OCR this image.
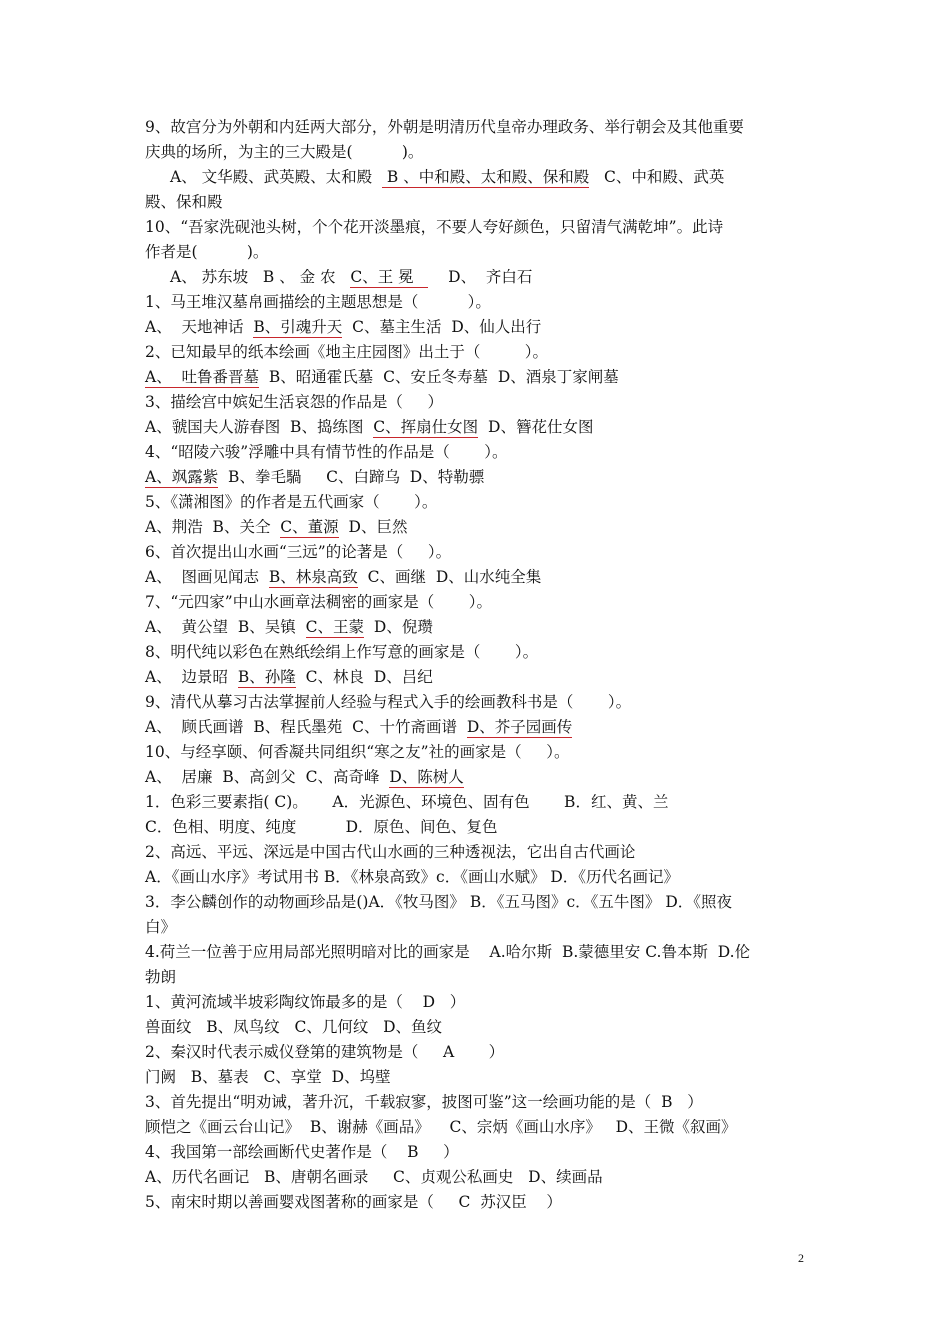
9、故宫分为外朝和内廷两大部分，外朝是明清历代皇帝办理政务、举行朝会及其他重要
庆典的场所，为主的三大殿是(          )。
A、 文华殿、武英殿、太和殿   B 、中和殿、太和殿、保和殿   C、中和殿、武英
殿、保和殿
10、“吾家洗砚池头树，个个花开淡墨痕，不要人夸好颜色，只留清气满乾坤”。此诗
作者是(          )。
A、 苏东坡   B 、 金 农   C、王 冕       D、  齐白石
1、马王堆汉墓帛画描绘的主题思想是（          ）。
A、  天地神话  B、引魂升天  C、墓主生活  D、仙人出行
2、已知最早的纸本绘画《地主庄园图》出土于（         ）。
A、  吐鲁番晋墓  B、昭通霍氏墓  C、安丘冬寿墓  D、酒泉丁家闸墓
3、描绘宫中嫔妃生活哀怨的作品是（     ）
A、虢国夫人游春图  B、捣练图  C、挥扇仕女图  D、簪花仕女图
4、“昭陵六骏”浮雕中具有情节性的作品是（       ）。
A、飒露紫  B、拳毛騧     C、白蹄乌  D、特勒骠
5、《潇湘图》的作者是五代画家（       ）。
A、荆浩  B、关仝  C、董源  D、巨然
6、首次提出山水画“三远”的论著是（     ）。
A、  图画见闻志  B、林泉高致  C、画继  D、山水纯全集
7、“元四家”中山水画章法稠密的画家是（       ）。
A、  黄公望  B、吴镇  C、王蒙  D、倪瓒
8、明代纯以彩色在熟纸绘绢上作写意的画家是（       ）。
A、  边景昭  B、孙隆  C、林良  D、吕纪
9、清代从摹习古法掌握前人经验与程式入手的绘画教科书是（       ）。
A、  顾氏画谱  B、程氏墨苑  C、十竹斋画谱  D、芥子园画传
10、与经享颐、何香凝共同组织“寒之友”社的画家是（     ）。
A、  居廉  B、高剑父  C、高奇峰  D、陈树人
1．色彩三要素指( C)。     A．光源色、环境色、固有色       B．红、黄、兰
C．色相、明度、纯度          D．原色、间色、复色
2、高远、平远、深远是中国古代山水画的三种透视法，它出自古代画论
A．《画山水序》考试用书 B．《林泉高致》c．《画山水赋》 D．《历代名画记》
3．李公麟创作的动物画珍品是()A．《牧马图》 B．《五马图》c．《五牛图》 D．《照夜
白》
4.荷兰一位善于应用局部光照明暗对比的画家是    A.哈尔斯  B.蒙德里安 C.鲁本斯  D.伦
勃朗
1、黄河流域半坡彩陶纹饰最多的是（    D   ）
兽面纹   B、凤鸟纹   C、几何纹   D、鱼纹
2、秦汉时代表示威仪登第的建筑物是（     A       ）
门阙   B、墓表   C、享堂  D、坞壁
3、首先提出“明劝诫，著升沉，千载寂寥，披图可鉴”这一绘画功能的是（  B   ）
顾恺之《画云台山记》  B、谢赫《画品》    C、宗炳《画山水序》   D、王微《叙画》
4、我国第一部绘画断代史著作是（    B     ）
A、历代名画记   B、唐朝名画录     C、贞观公私画史   D、续画品
5、南宋时期以善画婴戏图著称的画家是（     C  苏汉臣    ）
2
